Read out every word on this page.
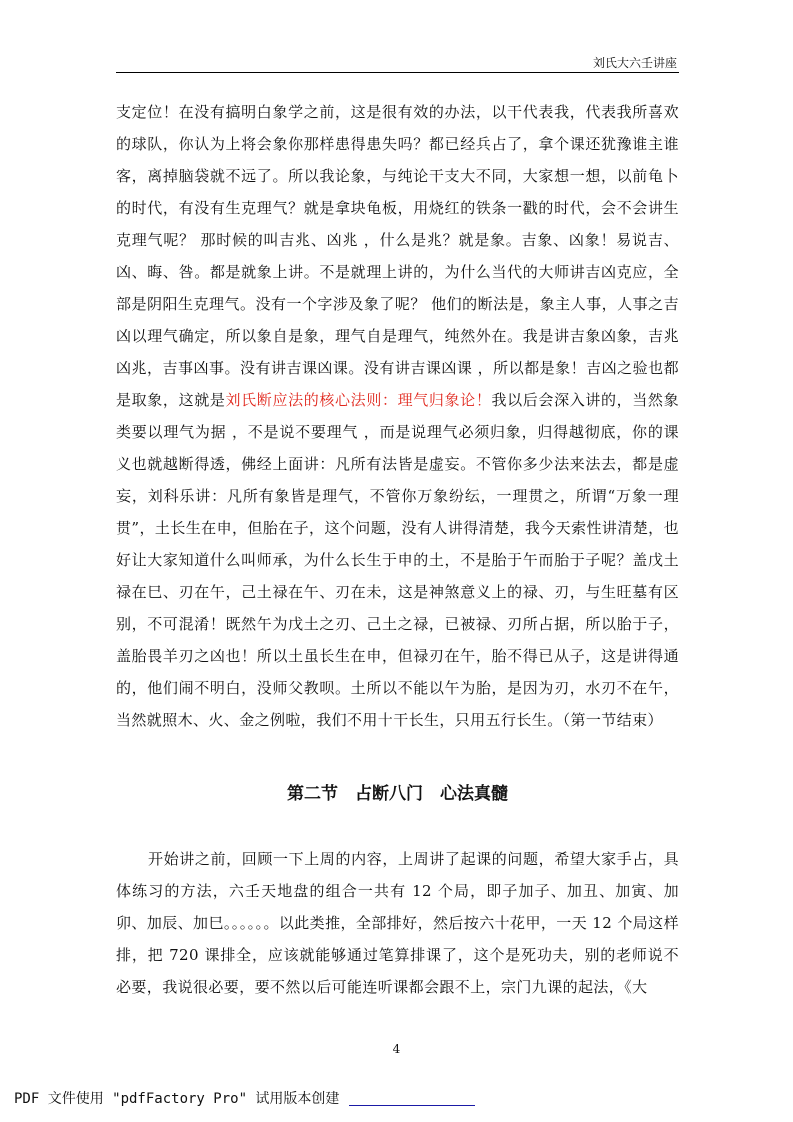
刘氏大六壬讲座

支定位！在没有搞明白象学之前，这是很有效的办法，以干代表我，代表我所喜欢的球队，你认为上将会象你那样患得患失吗？都已经兵占了，拿个课还犹豫谁主谁客，离掉脑袋就不远了。所以我论象，与纯论干支大不同，大家想一想，以前龟卜的时代，有没有生克理气？就是拿块龟板，用烧红的铁条一戳的时代，会不会讲生克理气呢？ 那时候的叫吉兆、凶兆 ，什么是兆？就是象。吉象、凶象！易说吉、凶、晦、咎。都是就象上讲。不是就理上讲的，为什么当代的大师讲吉凶克应，全部是阴阳生克理气。没有一个字涉及象了呢？ 他们的断法是，象主人事，人事之吉凶以理气确定，所以象自是象，理气自是理气，纯然外在。我是讲吉象凶象，吉兆凶兆，吉事凶事。没有讲吉课凶课。没有讲吉课凶课 ，所以都是象！吉凶之验也都是取象，这就是刘氏断应法的核心法则：理气归象论！我以后会深入讲的，当然象类要以理气为据 ，不是说不要理气 ，而是说理气必须归象，归得越彻底，你的课义也就越断得透，佛经上面讲：凡所有法皆是虚妄。不管你多少法来法去，都是虚妄，刘科乐讲：凡所有象皆是理气，不管你万象纷纭，一理贯之，所谓“万象一理贯”，土长生在申，但胎在子，这个问题，没有人讲得清楚，我今天索性讲清楚，也好让大家知道什么叫师承，为什么长生于申的土，不是胎于午而胎于子呢？盖戊土禄在巳、刃在午，己土禄在午、刃在未，这是神煞意义上的禄、刃，与生旺墓有区别，不可混淆！既然午为戊土之刃、己土之禄，已被禄、刃所占据，所以胎于子，盖胎畏羊刃之凶也！所以土虽长生在申，但禄刃在午，胎不得已从子，这是讲得通的，他们闹不明白，没师父教呗。土所以不能以午为胎，是因为刃，水刃不在午，当然就照木、火、金之例啦，我们不用十干长生，只用五行长生。（第一节结束）

第二节　占断八门　心法真髓

开始讲之前，回顾一下上周的内容，上周讲了起课的问题，希望大家手占，具体练习的方法，六壬天地盘的组合一共有 12 个局，即子加子、加丑、加寅、加卯、加辰、加巳。。。。。。以此类推，全部排好，然后按六十花甲，一天 12 个局这样排，把 720 课排全，应该就能够通过笔算排课了，这个是死功夫，别的老师说不必要，我说很必要，要不然以后可能连听课都会跟不上，宗门九课的起法，《大

4
PDF 文件使用 "pdfFactory Pro" 试用版本创建
